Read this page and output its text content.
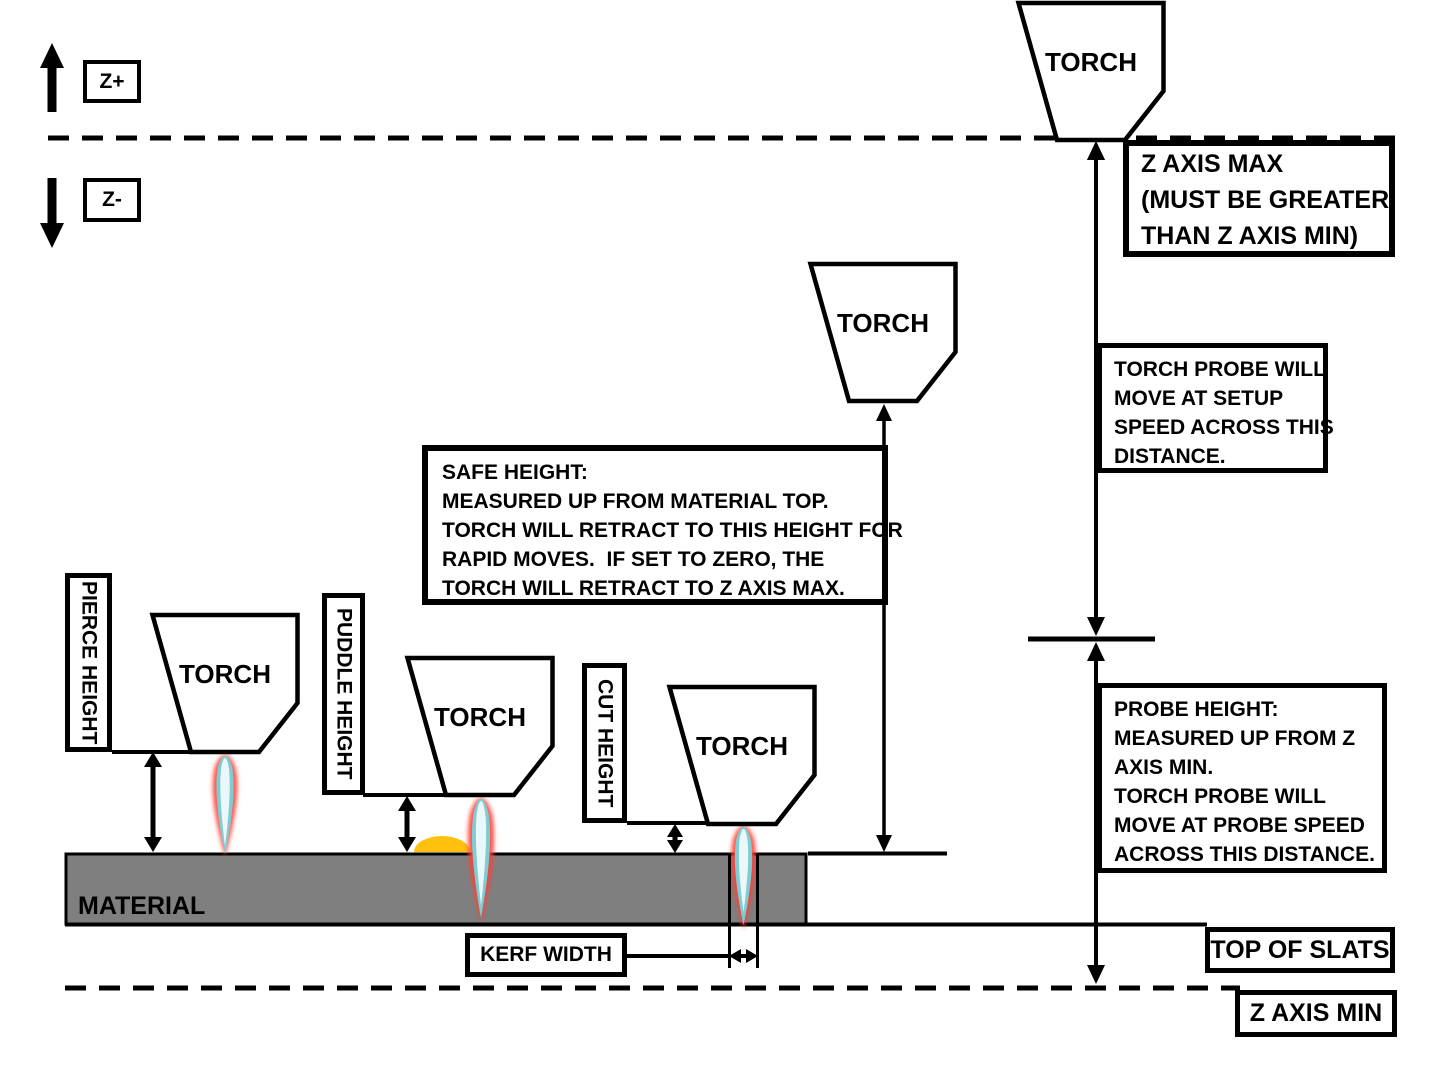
Z+
Z-
TORCH
TORCH
TORCH
TORCH
TORCH
Z AXIS MAX
(MUST BE GREATER
THAN Z AXIS MIN)
TORCH PROBE WILL
MOVE AT SETUP
SPEED ACROSS THIS
DISTANCE.
SAFE HEIGHT:
MEASURED UP FROM MATERIAL TOP.
TORCH WILL RETRACT TO THIS HEIGHT FOR
RAPID MOVES.  IF SET TO ZERO, THE
TORCH WILL RETRACT TO Z AXIS MAX.
PROBE HEIGHT:
MEASURED UP FROM Z
AXIS MIN.
TORCH PROBE WILL
MOVE AT PROBE SPEED
ACROSS THIS DISTANCE.
PIERCE HEIGHT	PUDDLE HEIGHT	CUT HEIGHT
MATERIAL
KERF WIDTH	TOP OF SLATS
Z AXIS MIN
